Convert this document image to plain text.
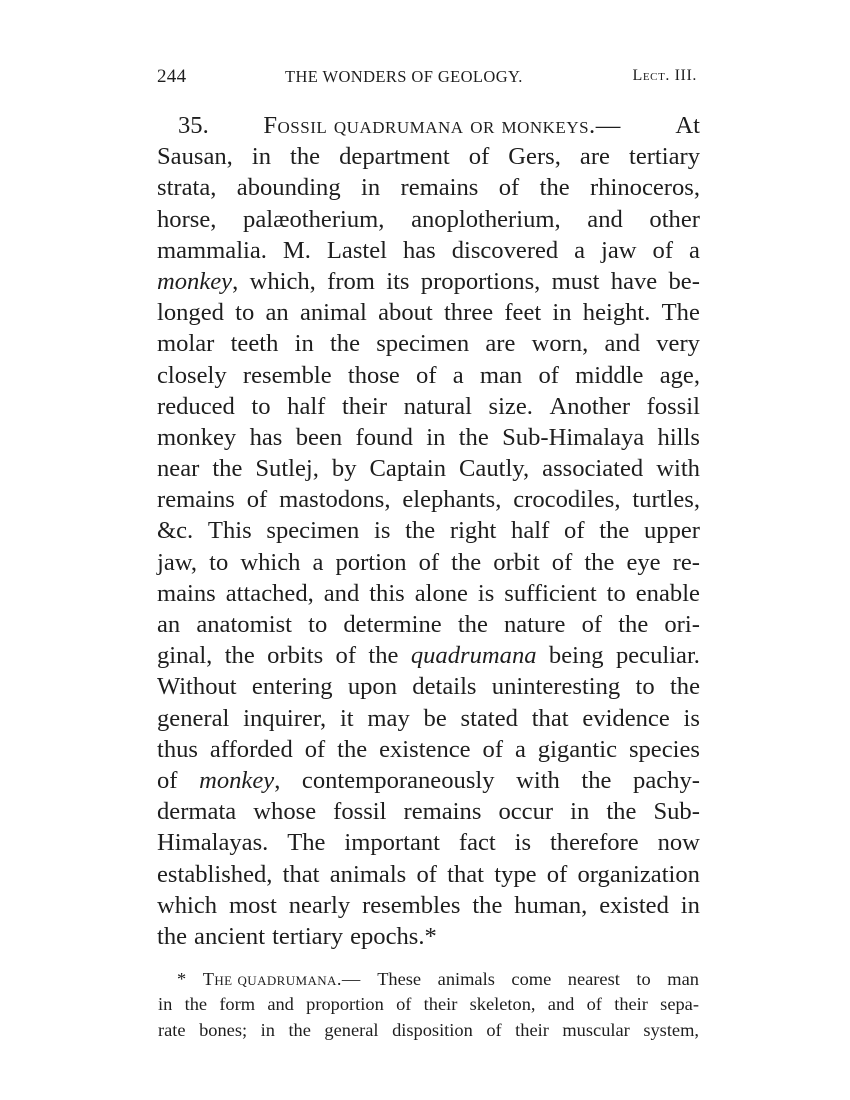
244	THE WONDERS OF GEOLOGY.	Lect. III.
35. Fossil quadrumana or monkeys.— At
Sausan, in the department of Gers, are tertiary
strata, abounding in remains of the rhinoceros,
horse, palæotherium, anoplotherium, and other
mammalia. M. Lastel has discovered a jaw of a
monkey, which, from its proportions, must have be-
longed to an animal about three feet in height. The
molar teeth in the specimen are worn, and very
closely resemble those of a man of middle age,
reduced to half their natural size. Another fossil
monkey has been found in the Sub-Himalaya hills
near the Sutlej, by Captain Cautly, associated with
remains of mastodons, elephants, crocodiles, turtles,
&c. This specimen is the right half of the upper
jaw, to which a portion of the orbit of the eye re-
mains attached, and this alone is sufficient to enable
an anatomist to determine the nature of the ori-
ginal, the orbits of the quadrumana being peculiar.
Without entering upon details uninteresting to the
general inquirer, it may be stated that evidence is
thus afforded of the existence of a gigantic species
of monkey, contemporaneously with the pachy-
dermata whose fossil remains occur in the Sub-
Himalayas. The important fact is therefore now
established, that animals of that type of organization
which most nearly resembles the human, existed in
the ancient tertiary epochs.*
* The quadrumana.— These animals come nearest to man
in the form and proportion of their skeleton, and of their sepa-
rate bones; in the general disposition of their muscular system,
